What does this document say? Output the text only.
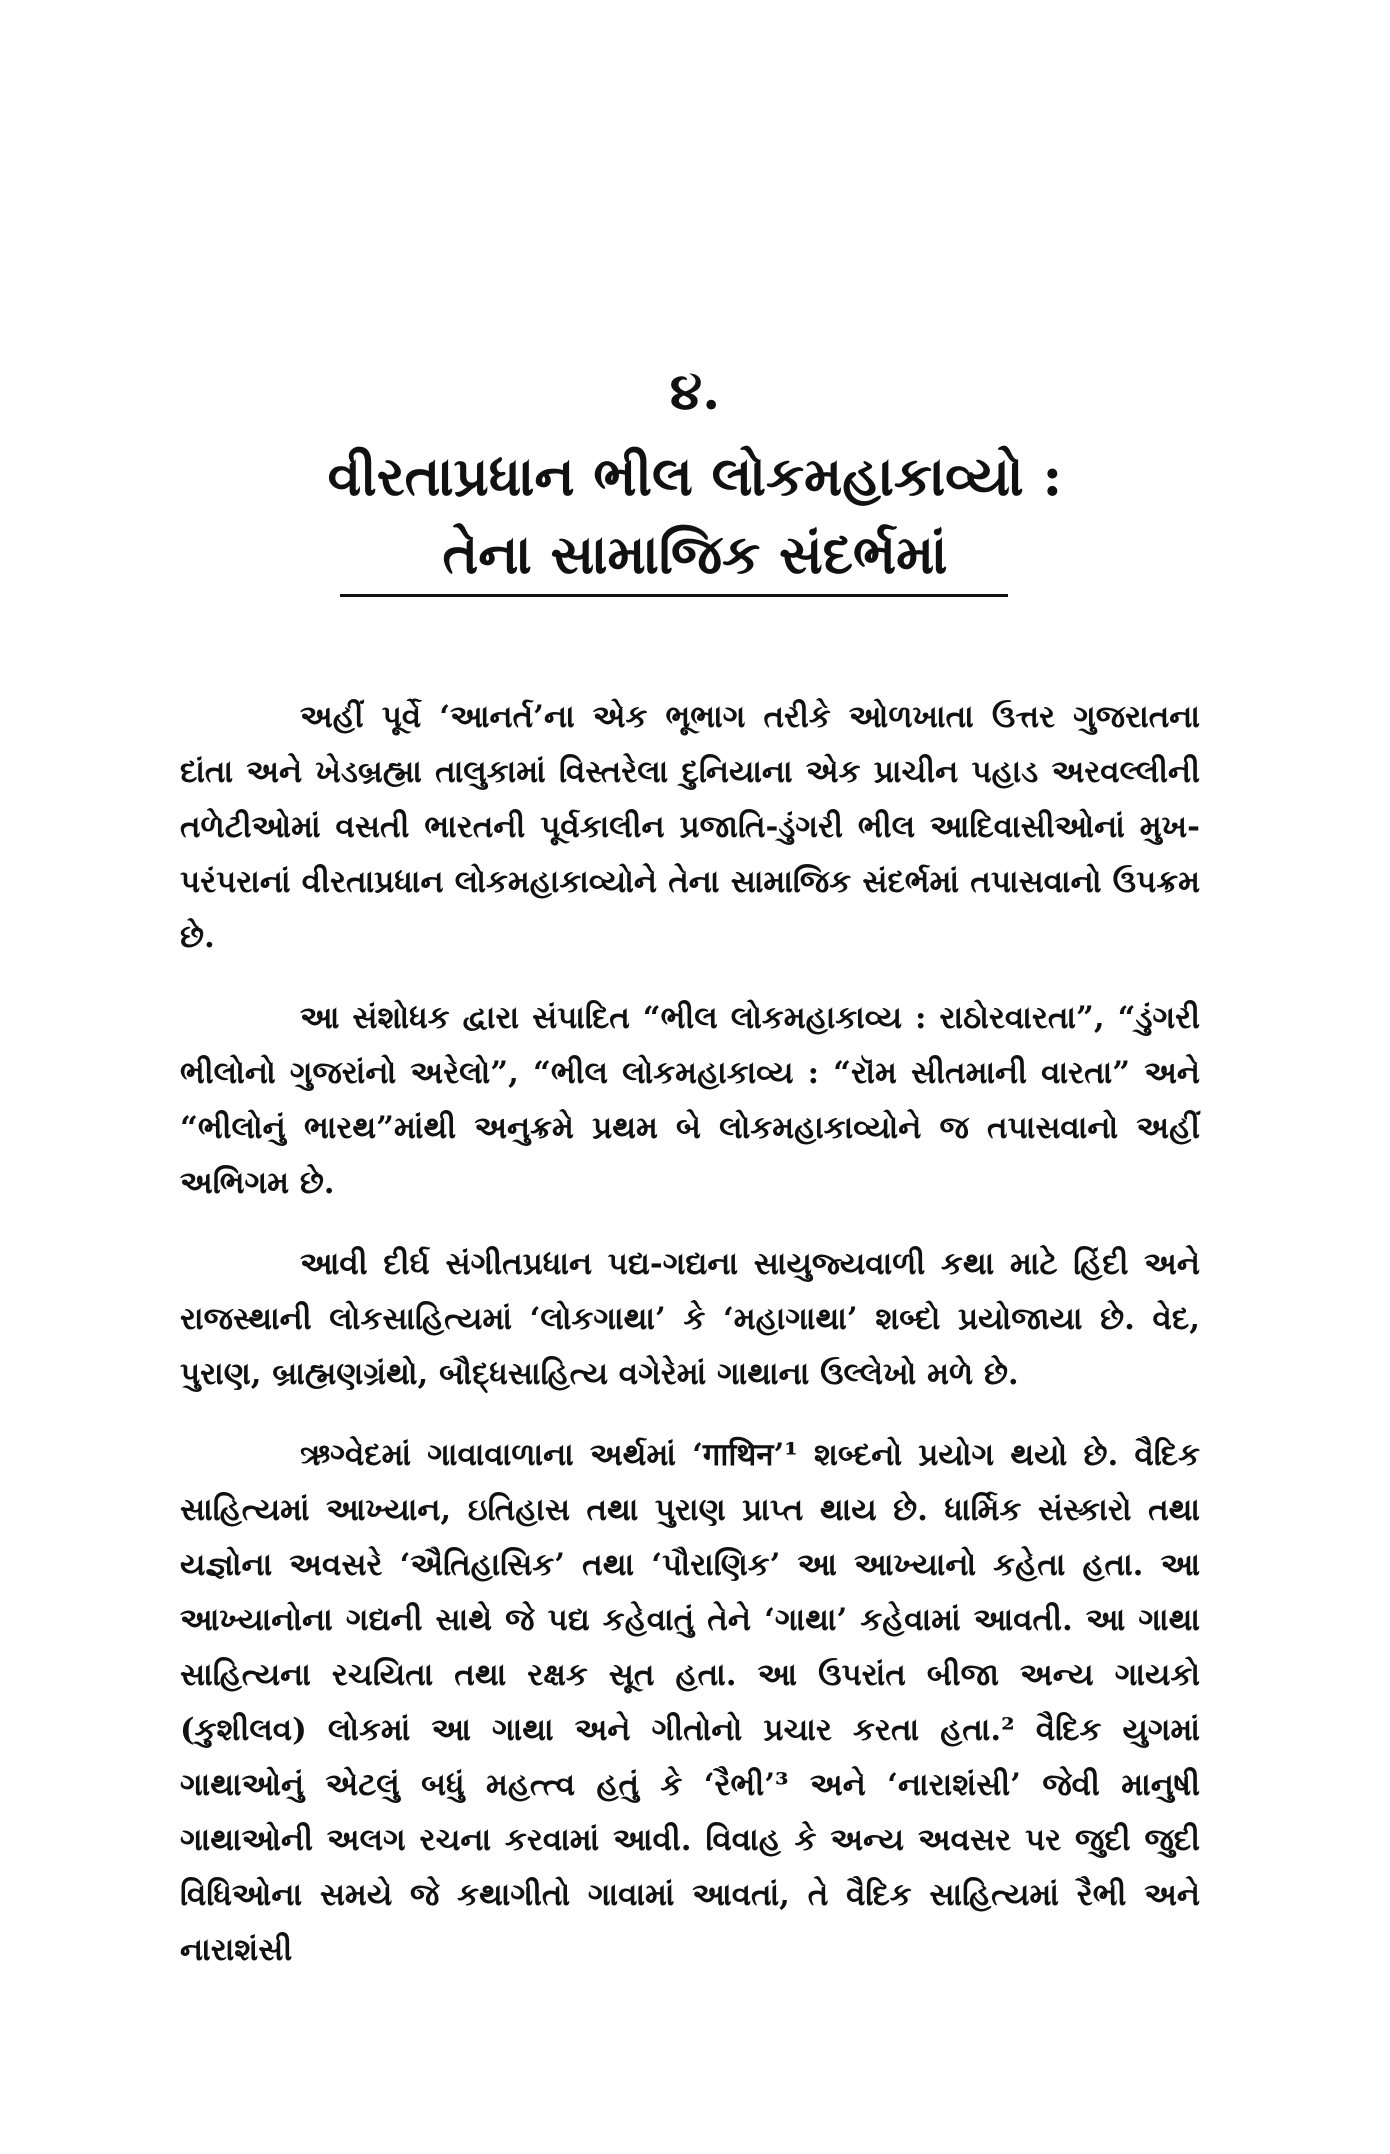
૪.
વીરતાપ્રધાન ભીલ લોકમહાકાવ્યો :
તેના સામાજિક સંદર્ભમાં

અહીં પૂર્વે ‘આનર્ત’ના એક ભૂભાગ તરીકે ઓળખાતા ઉત્તર ગુજરાતના દાંતા અને ખેડબ્રહ્મા તાલુકામાં વિસ્તરેલા દુનિયાના એક પ્રાચીન પહાડ અરવલ્લીની તળેટીઓમાં વસતી ભારતની પૂર્વકાલીન પ્રજાતિ-ડુંગરી ભીલ આદિવાસીઓનાં મુખ-પરંપરાનાં વીરતાપ્રધાન લોકમહાકાવ્યોને તેના સામાજિક સંદર્ભમાં તપાસવાનો ઉપક્રમ છે.

આ સંશોધક દ્વારા સંપાદિત “ભીલ લોકમહાકાવ્ય : રાઠોરવારતા”, “ડુંગરી ભીલોનો ગુજરાંનો અરેલો”, “ભીલ લોકમહાકાવ્ય : “રૉમ સીતમાની વારતા” અને “ભીલોનું ભારથ”માંથી અનુક્રમે પ્રથમ બે લોકમહાકાવ્યોને જ તપાસવાનો અહીં અભિગમ છે.

આવી દીર્ઘ સંગીતપ્રધાન પદ્ય-ગદ્યના સાયુજ્યવાળી કથા માટે હિંદી અને રાજસ્થાની લોકસાહિત્યમાં ‘લોકગાથા’ કે ‘મહાગાથા’ શબ્દો પ્રયોજાયા છે. વેદ, પુરાણ, બ્રાહ્મણગ્રંથો, બૌદ્ધસાહિત્ય વગેરેમાં ગાથાના ઉલ્લેખો મળે છે.

ઋગ્વેદમાં ગાવાવાળાના અર્થમાં ‘गाथिन’¹ શબ્દનો પ્રયોગ થયો છે. વૈદિક સાહિત્યમાં આખ્યાન, ઇતિહાસ તથા પુરાણ પ્રાપ્ત થાય છે. ધાર્મિક સંસ્કારો તથા યજ્ઞોના અવસરે ‘ઐતિહાસિક’ તથા ‘પૌરાણિક’ આ આખ્યાનો કહેતા હતા. આ આખ્યાનોના ગદ્યની સાથે જે પદ્ય કહેવાતું તેને ‘ગાથા’ કહેવામાં આવતી. આ ગાથા સાહિત્યના રચયિતા તથા રક્ષક સૂત હતા. આ ઉપરાંત બીજા અન્ય ગાયકો (કુશીલવ) લોકમાં આ ગાથા અને ગીતોનો પ્રચાર કરતા હતા.² વૈદિક યુગમાં ગાથાઓનું એટલું બધું મહત્ત્વ હતું કે ‘રૈભી’³ અને ‘નારાશંસી’ જેવી માનુષી ગાથાઓની અલગ રચના કરવામાં આવી. વિવાહ કે અન્ય અવસર પર જુદી જુદી વિધિઓના સમયે જે કથાગીતો ગાવામાં આવતાં, તે વૈદિક સાહિત્યમાં રૈભી અને નારાશંસી
